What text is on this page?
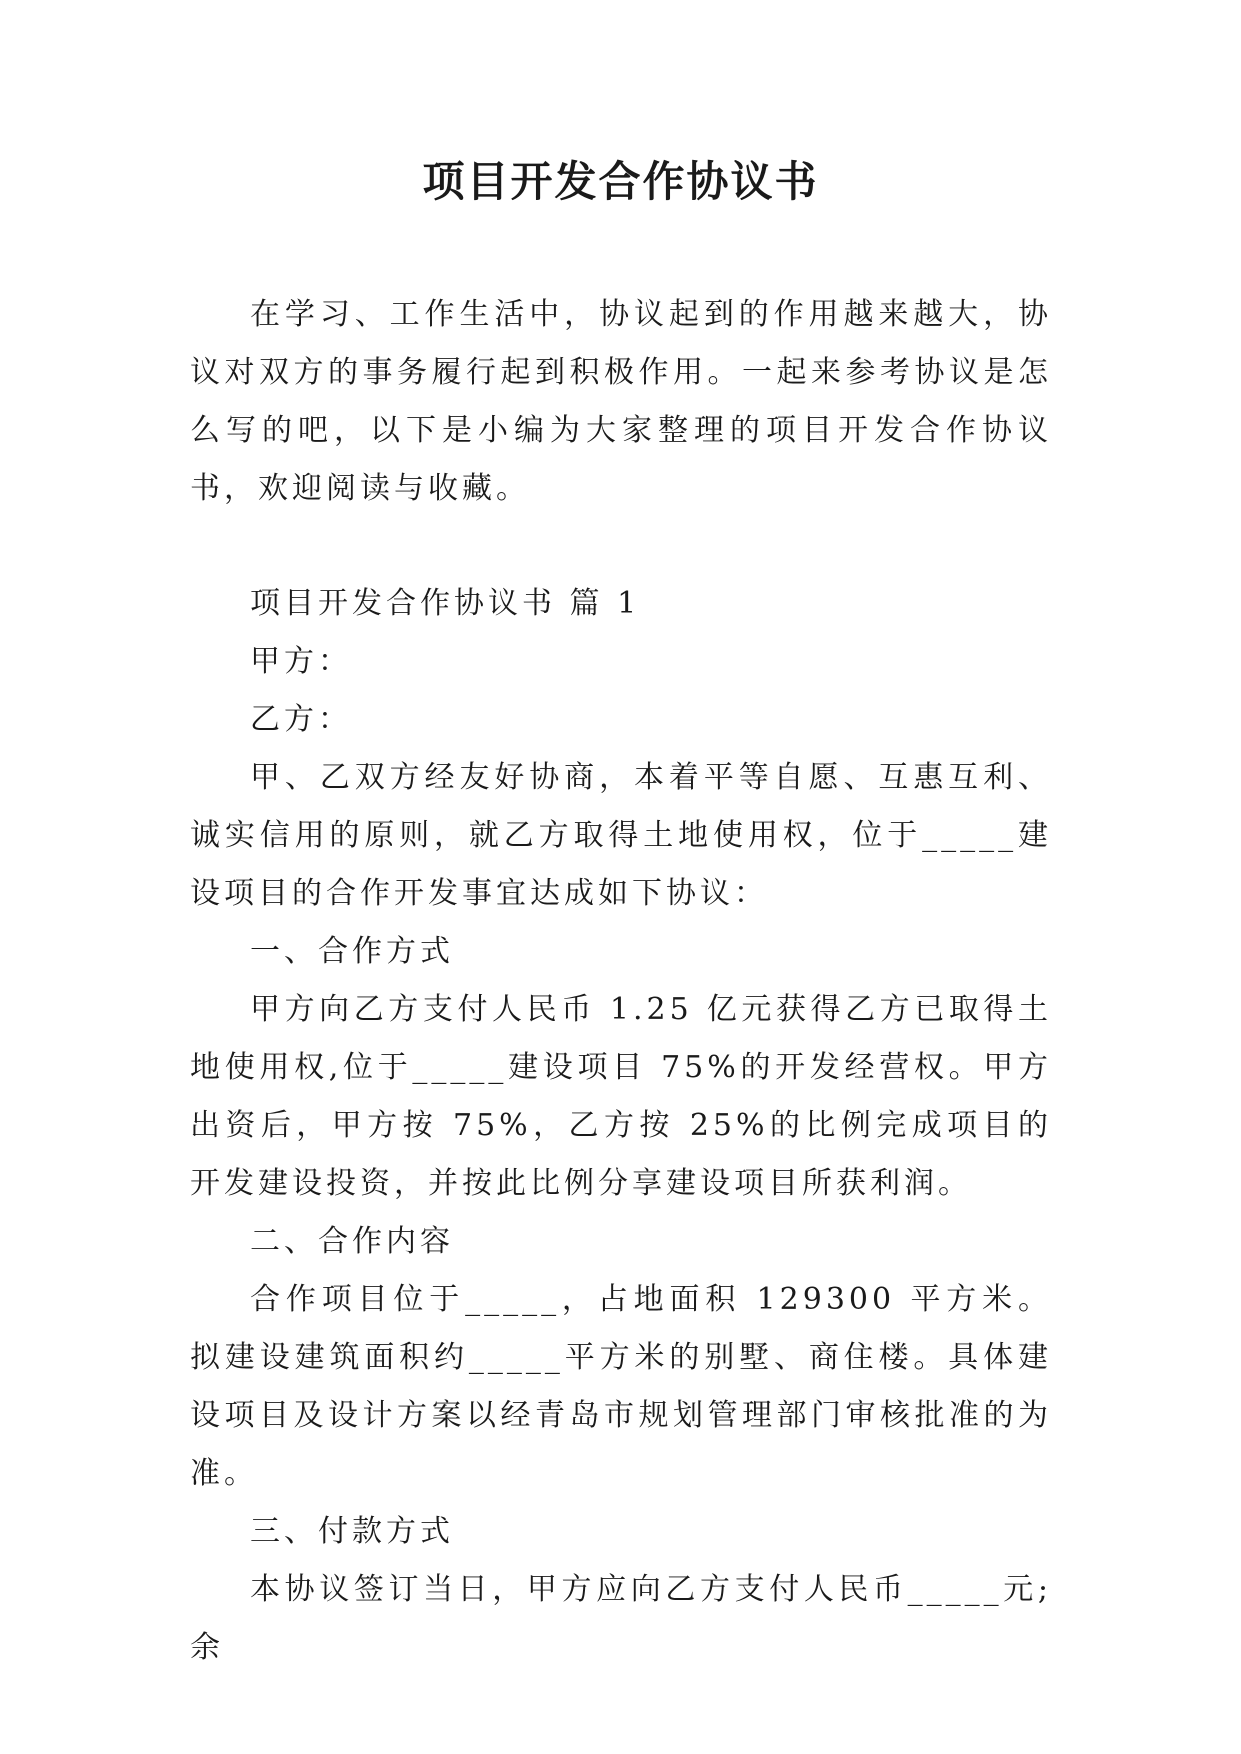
项目开发合作协议书

在学习、工作生活中，协议起到的作用越来越大，协议对双方的事务履行起到积极作用。一起来参考协议是怎么写的吧，以下是小编为大家整理的项目开发合作协议书，欢迎阅读与收藏。

项目开发合作协议书 篇 1

甲方：

乙方：

甲、乙双方经友好协商，本着平等自愿、互惠互利、诚实信用的原则，就乙方取得土地使用权，位于_____建设项目的合作开发事宜达成如下协议：

一、合作方式

甲方向乙方支付人民币 1.25 亿元获得乙方已取得土地使用权,位于_____建设项目 75%的开发经营权。甲方出资后，甲方按 75%，乙方按 25%的比例完成项目的开发建设投资，并按此比例分享建设项目所获利润。

二、合作内容

合作项目位于_____，占地面积 129300 平方米。拟建设建筑面积约_____平方米的别墅、商住楼。具体建设项目及设计方案以经青岛市规划管理部门审核批准的为准。

三、付款方式

本协议签订当日，甲方应向乙方支付人民币_____元;余
